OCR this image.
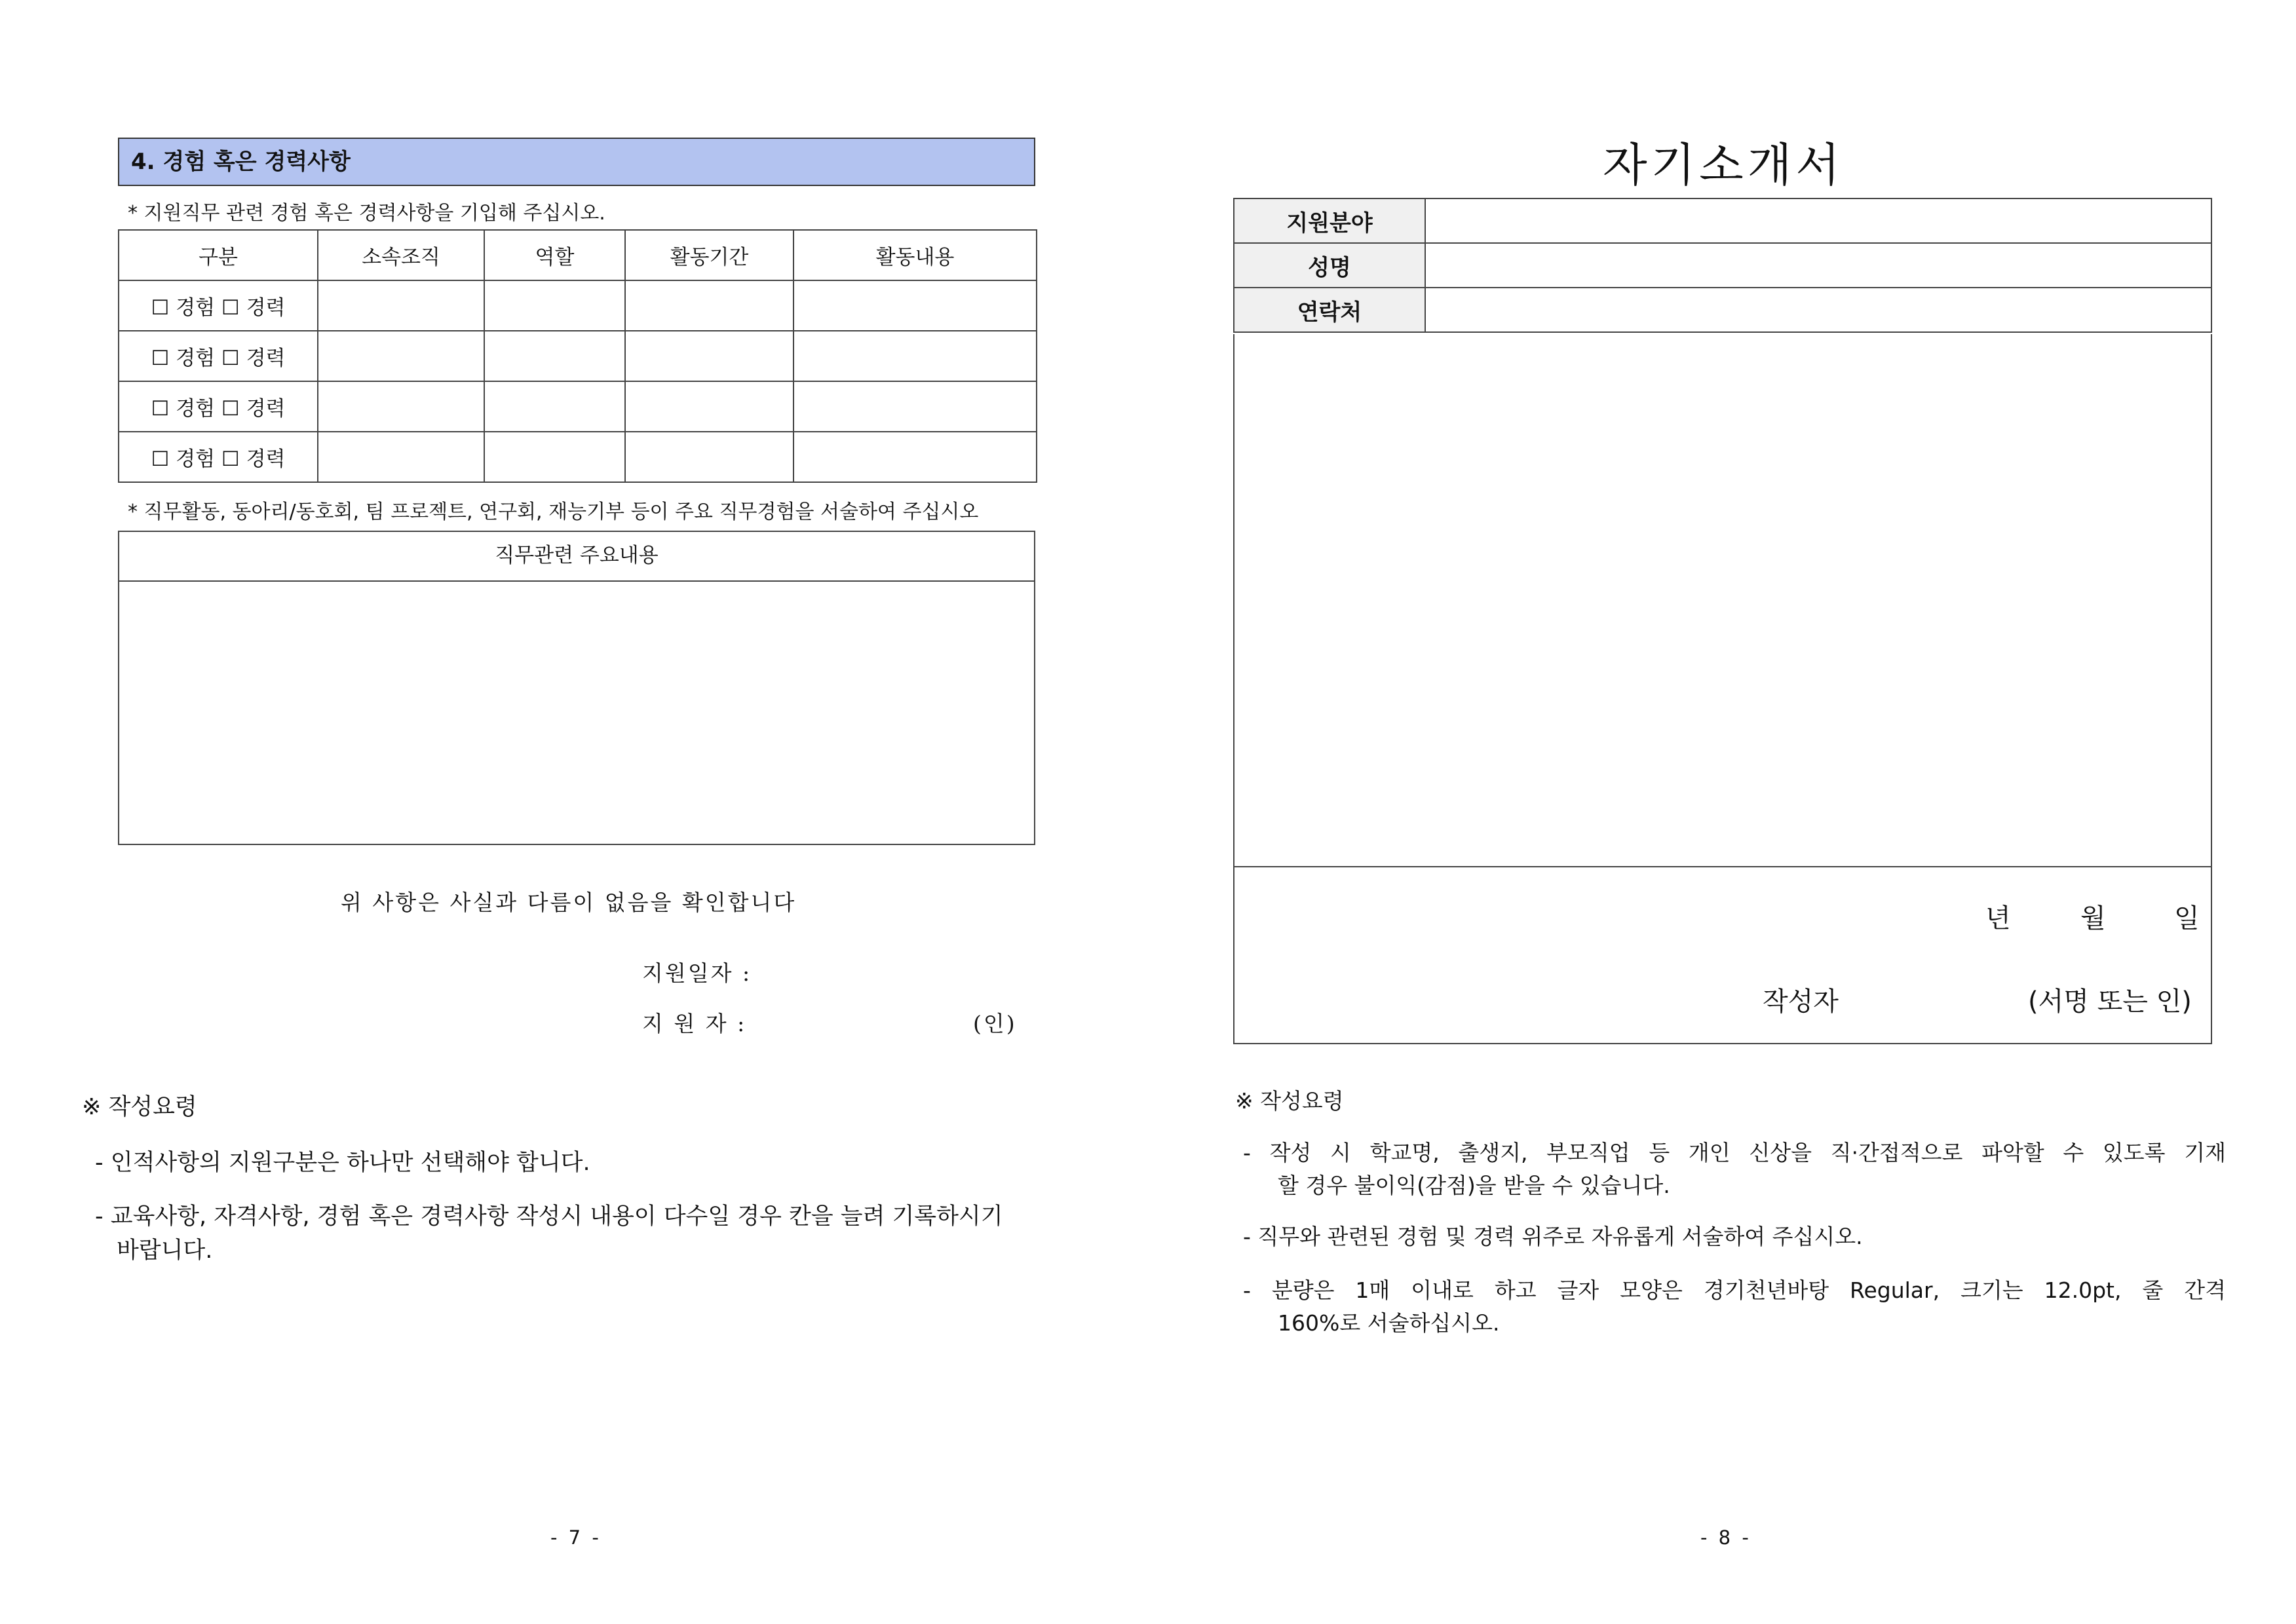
4. 경험 혹은 경력사항
* 지원직무 관련 경험 혹은 경력사항을 기입해 주십시오.
구분	소속조직	역할	활동기간	활동내용
☐ 경험 ☐ 경력				
☐ 경험 ☐ 경력				
☐ 경험 ☐ 경력				
☐ 경험 ☐ 경력				
* 직무활동, 동아리/동호회, 팀 프로젝트, 연구회, 재능기부 등이 주요 직무경험을 서술하여 주십시오
직무관련 주요내용
위 사항은 사실과 다름이 없음을 확인합니다
지원일자 :
지 원 자 :	(인)
※ 작성요령
- 인적사항의 지원구분은 하나만 선택해야 합니다.
- 교육사항, 자격사항, 경험 혹은 경력사항 작성시 내용이 다수일 경우 칸을 늘려 기록하시기
바랍니다.
- 7 -
자기소개서
지원분야	
성명	
연락처	
년	월	일
작성자	(서명 또는 인)
※ 작성요령
- 작성 시 학교명, 출생지, 부모직업 등 개인 신상을 직·간접적으로 파악할 수 있도록 기재
할 경우 불이익(감점)을 받을 수 있습니다.
- 직무와 관련된 경험 및 경력 위주로 자유롭게 서술하여 주십시오.
- 분량은 1매 이내로 하고 글자 모양은 경기천년바탕 Regular, 크기는 12.0pt, 줄 간격
160%로 서술하십시오.
- 8 -
